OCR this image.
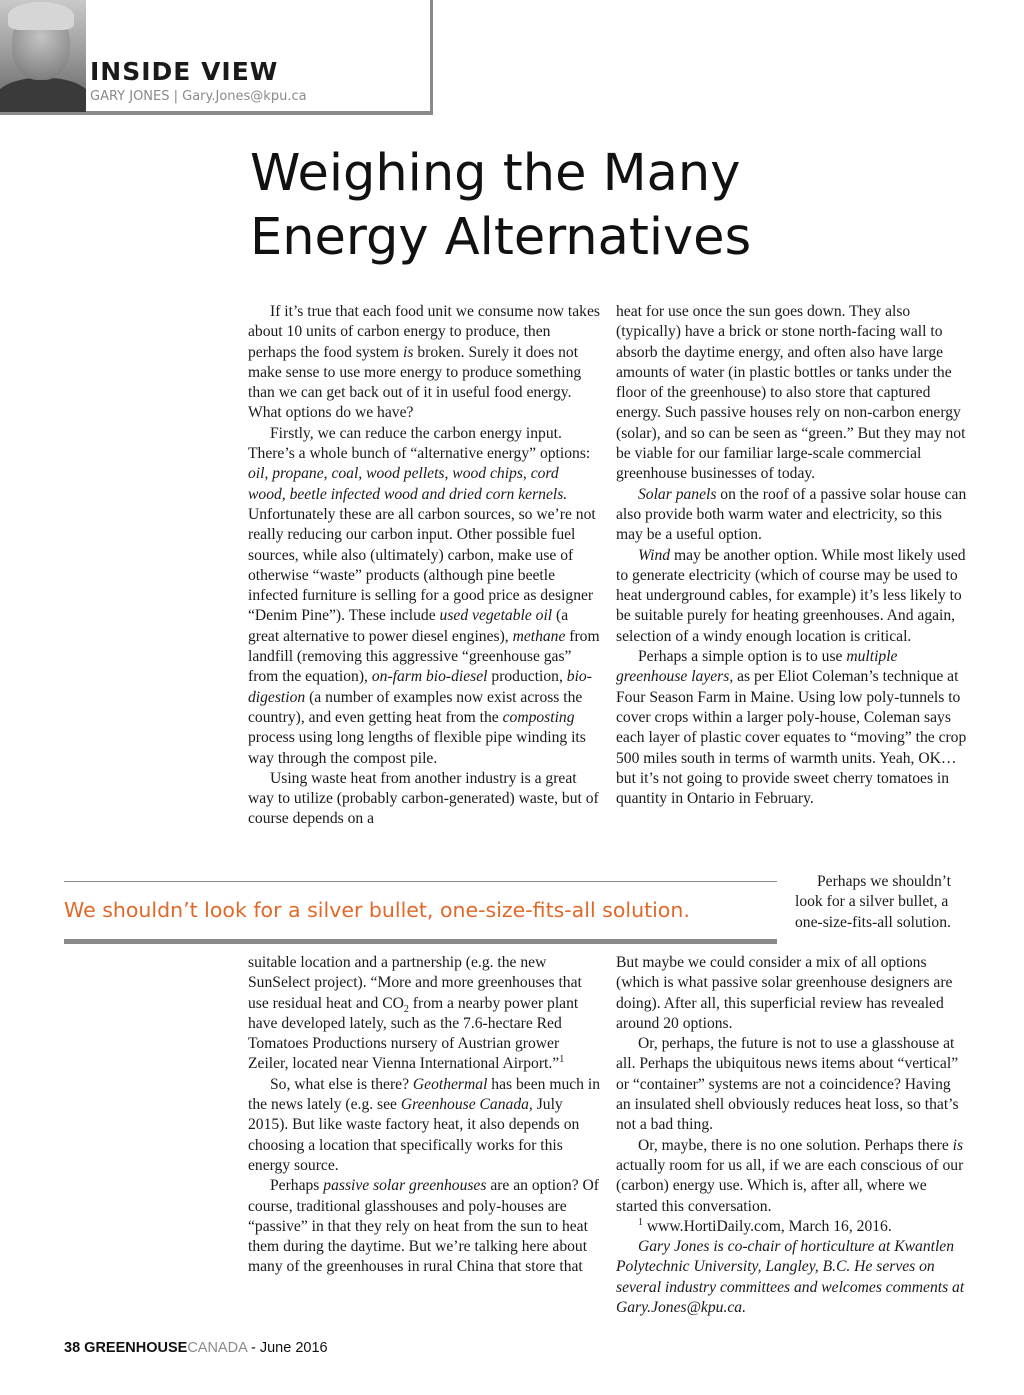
INSIDE VIEW
GARY JONES | Gary.Jones@kpu.ca
Weighing the Many
Energy Alternatives

If it’s true that each food unit we consume now takes about 10 units of carbon energy to produce, then perhaps the food system is broken. Surely it does not make sense to use more energy to produce something than we can get back out of it in useful food energy. What options do we have?

Firstly, we can reduce the carbon energy input. There’s a whole bunch of “alternative energy” options: oil, propane, coal, wood pellets, wood chips, cord wood, beetle infected wood and dried corn kernels. Unfortunately these are all carbon sources, so we’re not really reducing our carbon input. Other possible fuel sources, while also (ultimately) carbon, make use of otherwise “waste” products (although pine beetle infected furniture is selling for a good price as designer “Denim Pine”). These include used vegetable oil (a great alternative to power diesel engines), methane from landfill (removing this aggressive “greenhouse gas” from the equation), on-farm bio-diesel production, bio-digestion (a number of examples now exist across the country), and even getting heat from the composting process using long lengths of flexible pipe winding its way through the compost pile.

Using waste heat from another industry is a great way to utilize (probably carbon-generated) waste, but of course depends on a

We shouldn’t look for a silver bullet, one-size-fits-all solution.

suitable location and a partnership (e.g. the new SunSelect project). “More and more greenhouses that use residual heat and $CO_2$ from a nearby power plant have developed lately, such as the 7.6-hectare Red Tomatoes Productions nursery of Austrian grower Zeiler, located near Vienna International Airport.”$^1$

So, what else is there? Geothermal has been much in the news lately (e.g. see Greenhouse Canada, July 2015). But like waste factory heat, it also depends on choosing a location that specifically works for this energy source.

Perhaps passive solar greenhouses are an option? Of course, traditional glasshouses and poly-houses are “passive” in that they rely on heat from the sun to heat them during the daytime. But we’re talking here about many of the greenhouses in rural China that store that

heat for use once the sun goes down. They also (typically) have a brick or stone north-facing wall to absorb the daytime energy, and often also have large amounts of water (in plastic bottles or tanks under the floor of the greenhouse) to also store that captured energy. Such passive houses rely on non-carbon energy (solar), and so can be seen as “green.” But they may not be viable for our familiar large-scale commercial greenhouse businesses of today.

Solar panels on the roof of a passive solar house can also provide both warm water and electricity, so this may be a useful option.

Wind may be another option. While most likely used to generate electricity (which of course may be used to heat underground cables, for example) it’s less likely to be suitable purely for heating greenhouses. And again, selection of a windy enough location is critical.

Perhaps a simple option is to use multiple greenhouse layers, as per Eliot Coleman’s technique at Four Season Farm in Maine. Using low poly-tunnels to cover crops within a larger poly-house, Coleman says each layer of plastic cover equates to “moving” the crop 500 miles south in terms of warmth units. Yeah, OK…but it’s not going to provide sweet cherry tomatoes in quantity in Ontario in February.

Perhaps we shouldn’t look for a silver bullet, a one-size-fits-all solution.

But maybe we could consider a mix of all options (which is what passive solar greenhouse designers are doing). After all, this superficial review has revealed around 20 options.

Or, perhaps, the future is not to use a glasshouse at all. Perhaps the ubiquitous news items about “vertical” or “container” systems are not a coincidence? Having an insulated shell obviously reduces heat loss, so that’s not a bad thing.

Or, maybe, there is no one solution. Perhaps there is actually room for us all, if we are each conscious of our (carbon) energy use. Which is, after all, where we started this conversation.

$^1$ www.HortiDaily.com, March 16, 2016.

Gary Jones is co-chair of horticulture at Kwantlen Polytechnic University, Langley, B.C. He serves on several industry committees and welcomes comments at Gary.Jones@kpu.ca.

38 GREENHOUSECANADA - June 2016
